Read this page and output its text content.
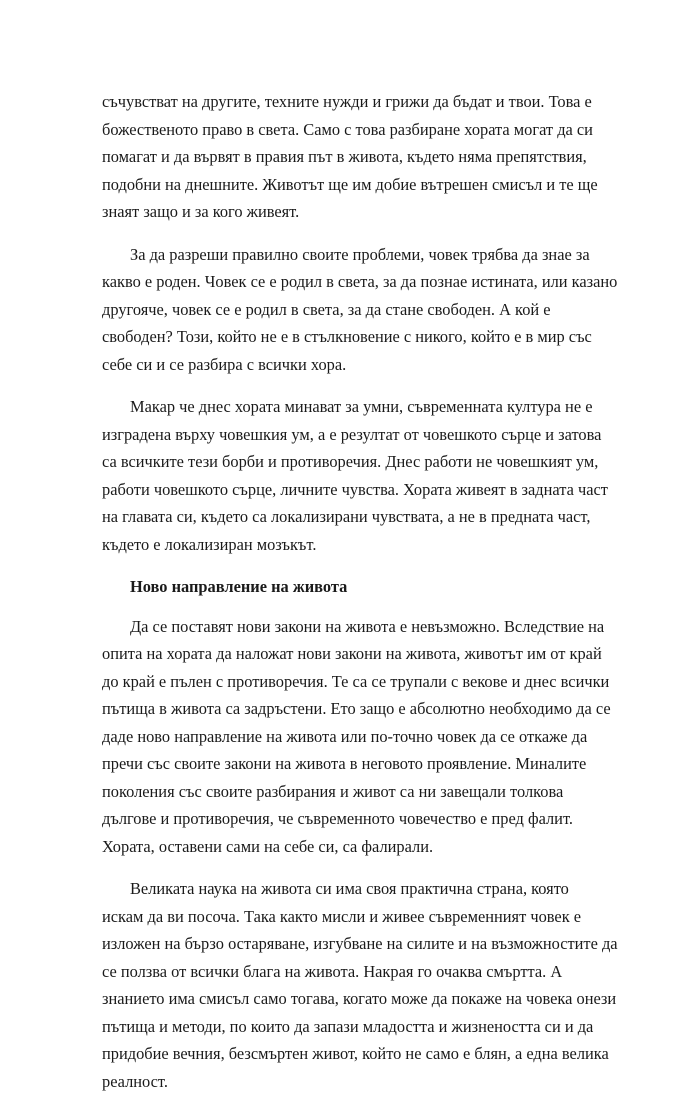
съчувстват на другите, техните нужди и грижи да бъдат и твои. Това е
божественото право в света. Само с това разбиране хората могат да си
помагат и да вървят в правия път в живота, където няма препятствия,
подобни на днешните. Животът ще им добие вътрешен смисъл и те ще
знаят защо и за кого живеят.

За да разреши правилно своите проблеми, човек трябва да знае за
какво е роден. Човек се е родил в света, за да познае истината, или казано
другояче, човек се е родил в света, за да стане свободен. А кой е
свободен? Този, който не е в стълкновение с никого, който е в мир със
себе си и се разбира с всички хора.

Макар че днес хората минават за умни, съвременната култура не е
изградена върху човешкия ум, а е резултат от човешкото сърце и затова
са всичките тези борби и противоречия. Днес работи не човешкият ум,
работи човешкото сърце, личните чувства. Хората живеят в задната част
на главата си, където са локализирани чувствата, а не в предната част,
където е локализиран мозъкът.

Ново направление на живота

Да се поставят нови закони на живота е невъзможно. Вследствие на
опита на хората да наложат нови закони на живота, животът им от край
до край е пълен с противоречия. Те са се трупали с векове и днес всички
пътища в живота са задръстени. Ето защо е абсолютно необходимо да се
даде ново направление на живота или по-точно човек да се откаже да
пречи със своите закони на живота в неговото проявление. Миналите
поколения със своите разбирания и живот са ни завещали толкова
дългове и противоречия, че съвременното човечество е пред фалит.
Хората, оставени сами на себе си, са фалирали.

Великата наука на живота си има своя практична страна, която
искам да ви посоча. Така както мисли и живее съвременният човек е
изложен на бързо остаряване, изгубване на силите и на възможностите да
се ползва от всички блага на живота. Накрая го очаква смъртта. А
знанието има смисъл само тогава, когато може да покаже на човека онези
пътища и методи, по които да запази младостта и жизнеността си и да
придобие вечния, безсмъртен живот, който не само е блян, а една велика
реалност.
